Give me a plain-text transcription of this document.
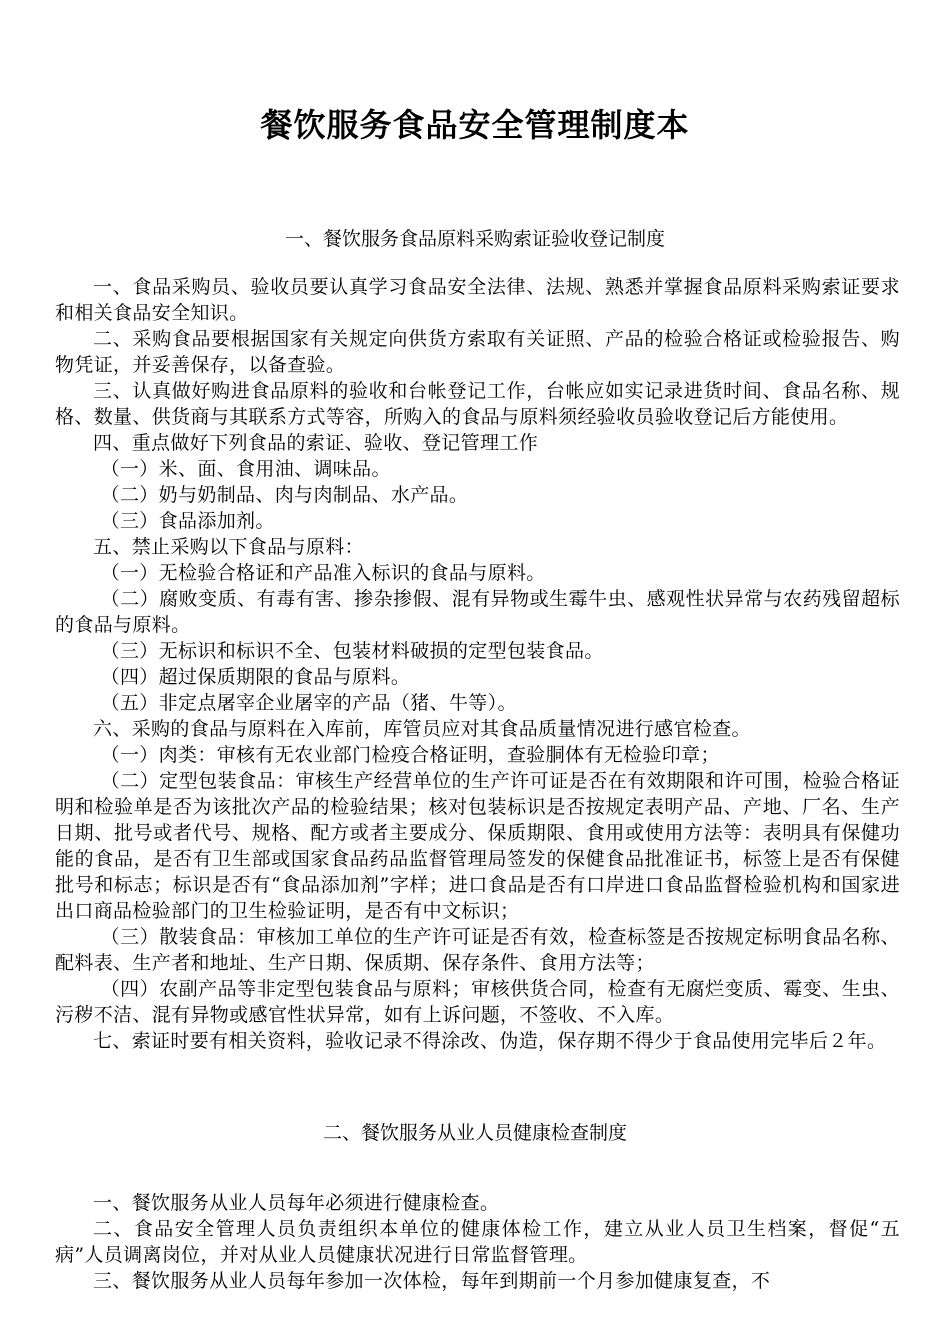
餐饮服务食品安全管理制度本
一、餐饮服务食品原料采购索证验收登记制度

一、食品采购员、验收员要认真学习食品安全法律、法规、熟悉并掌握食品原料采购索证要求和相关食品安全知识。

二、采购食品要根据国家有关规定向供货方索取有关证照、产品的检验合格证或检验报告、购物凭证，并妥善保存，以备查验。

三、认真做好购进食品原料的验收和台帐登记工作，台帐应如实记录进货时间、食品名称、规格、数量、供货商与其联系方式等容，所购入的食品与原料须经验收员验收登记后方能使用。

四、重点做好下列食品的索证、验收、登记管理工作

（一）米、面、食用油、调味品。

（二）奶与奶制品、肉与肉制品、水产品。

（三）食品添加剂。

五、禁止采购以下食品与原料：

（一）无检验合格证和产品准入标识的食品与原料。

（二）腐败变质、有毒有害、掺杂掺假、混有异物或生霉牛虫、感观性状异常与农药残留超标的食品与原料。

（三）无标识和标识不全、包装材料破损的定型包装食品。

（四）超过保质期限的食品与原料。

（五）非定点屠宰企业屠宰的产品（猪、牛等）。

六、采购的食品与原料在入库前，库管员应对其食品质量情况进行感官检查。

（一）肉类：审核有无农业部门检疫合格证明，查验胴体有无检验印章；

（二）定型包装食品：审核生产经营单位的生产许可证是否在有效期限和许可围，检验合格证明和检验单是否为该批次产品的检验结果；核对包装标识是否按规定表明产品、产地、厂名、生产日期、批号或者代号、规格、配方或者主要成分、保质期限、食用或使用方法等：表明具有保健功能的食品，是否有卫生部或国家食品药品监督管理局签发的保健食品批准证书，标签上是否有保健批号和标志；标识是否有“食品添加剂”字样；进口食品是否有口岸进口食品监督检验机构和国家进出口商品检验部门的卫生检验证明，是否有中文标识；

（三）散装食品：审核加工单位的生产许可证是否有效，检查标签是否按规定标明食品名称、配料表、生产者和地址、生产日期、保质期、保存条件、食用方法等；

（四）农副产品等非定型包装食品与原料；审核供货合同，检查有无腐烂变质、霉变、生虫、污秽不洁、混有异物或感官性状异常，如有上诉问题，不签收、不入库。

七、索证时要有相关资料，验收记录不得涂改、伪造，保存期不得少于食品使用完毕后２年。

二、餐饮服务从业人员健康检查制度

一、餐饮服务从业人员每年必须进行健康检查。

二、食品安全管理人员负责组织本单位的健康体检工作，建立从业人员卫生档案，督促“五病”人员调离岗位，并对从业人员健康状况进行日常监督管理。

三、餐饮服务从业人员每年参加一次体检，每年到期前一个月参加健康复查，不
